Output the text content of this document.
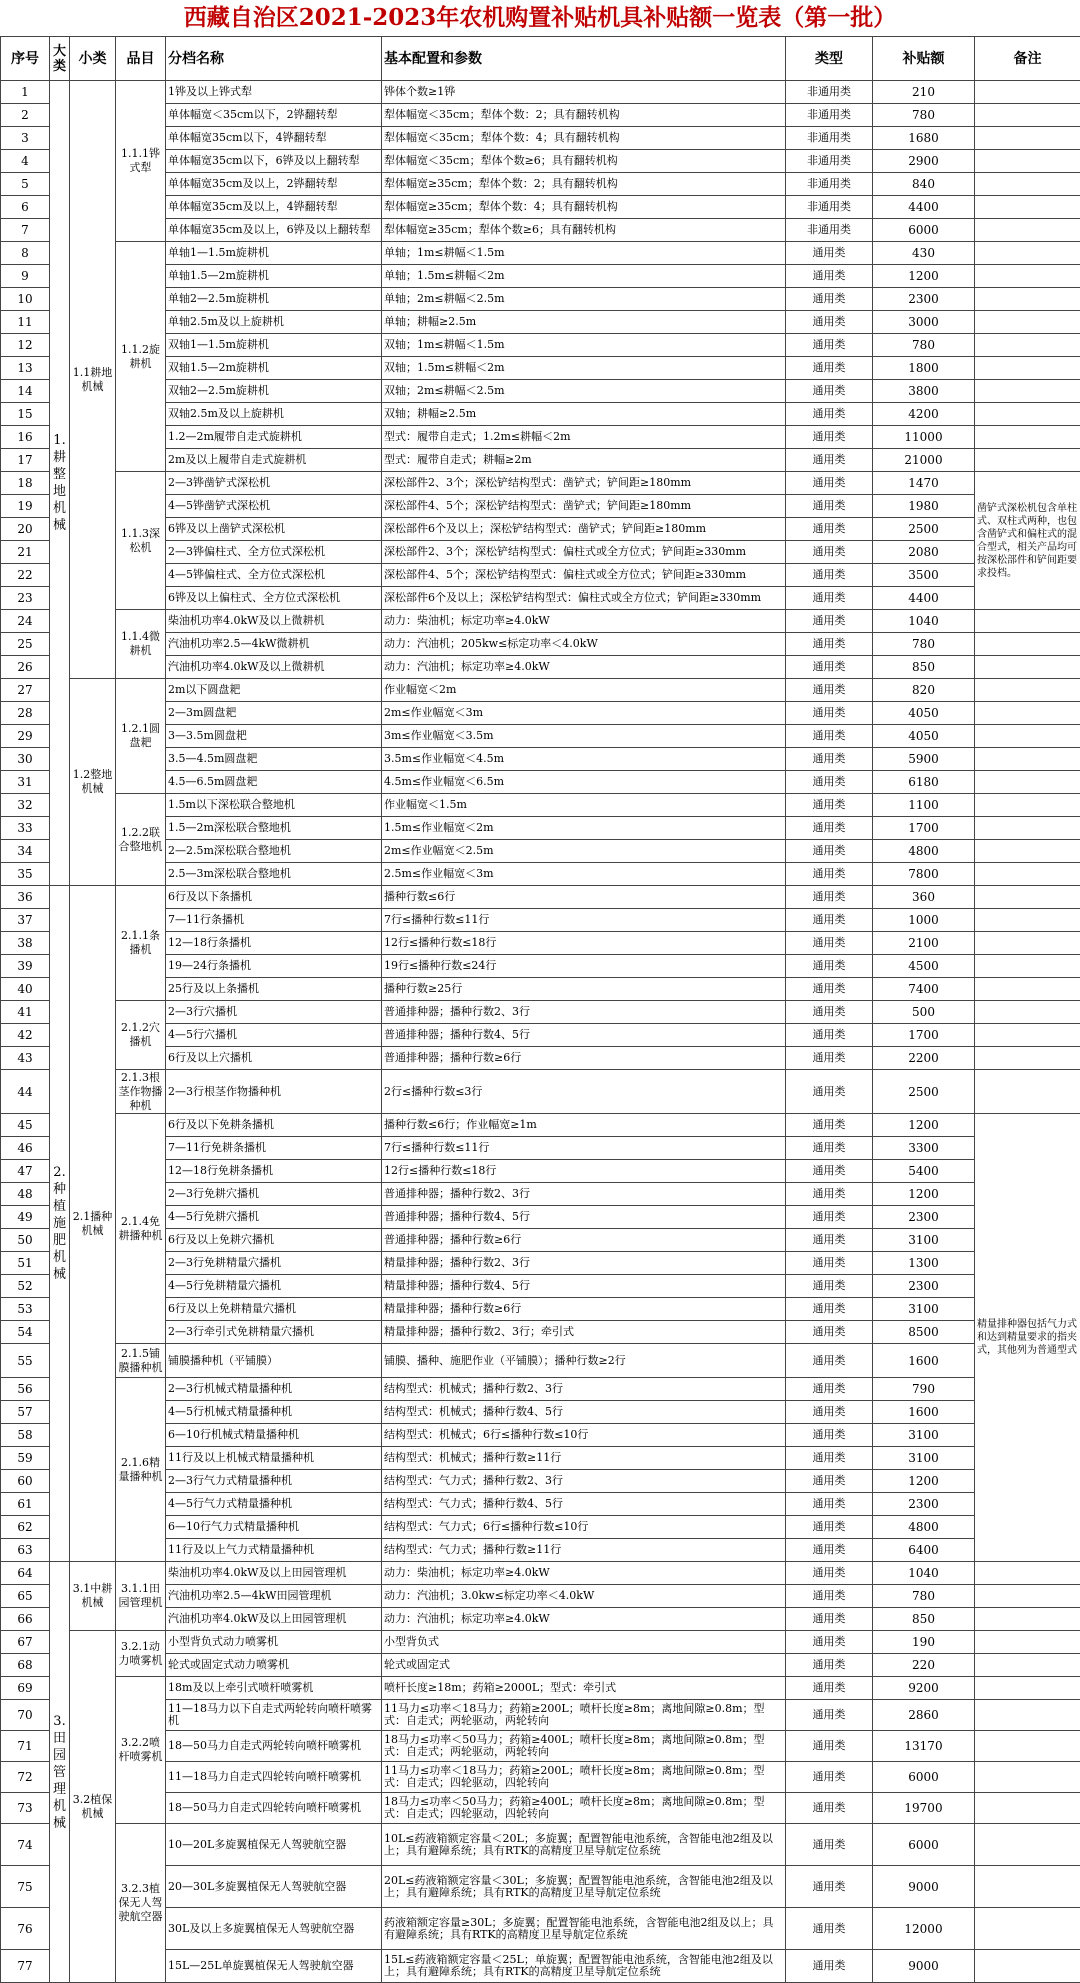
西藏自治区2021-2023年农机购置补贴机具补贴额一览表（第一批）
序号	大类	小类	品目	分档名称	基本配置和参数	类型	补贴额	备注
1	1.耕整地机械	1.1耕地机械	1.1.1铧式犁	1铧及以上铧式犁	铧体个数≥1铧	非通用类	210	
2				单体幅宽＜35cm以下，2铧翻转犁	犁体幅宽＜35cm；犁体个数：2；具有翻转机构	非通用类	780	
3				单体幅宽35cm以下，4铧翻转犁	犁体幅宽＜35cm；犁体个数：4；具有翻转机构	非通用类	1680	
4				单体幅宽35cm以下，6铧及以上翻转犁	犁体幅宽＜35cm；犁体个数≥6；具有翻转机构	非通用类	2900	
5				单体幅宽35cm及以上，2铧翻转犁	犁体幅宽≥35cm；犁体个数：2；具有翻转机构	非通用类	840	
6				单体幅宽35cm及以上，4铧翻转犁	犁体幅宽≥35cm；犁体个数：4；具有翻转机构	非通用类	4400	
7				单体幅宽35cm及以上，6铧及以上翻转犁	犁体幅宽≥35cm；犁体个数≥6；具有翻转机构	非通用类	6000	
8			1.1.2旋耕机	单轴1—1.5m旋耕机	单轴；1m≤耕幅＜1.5m	通用类	430	
9				单轴1.5—2m旋耕机	单轴；1.5m≤耕幅＜2m	通用类	1200	
10				单轴2—2.5m旋耕机	单轴；2m≤耕幅＜2.5m	通用类	2300	
11				单轴2.5m及以上旋耕机	单轴；耕幅≥2.5m	通用类	3000	
12				双轴1—1.5m旋耕机	双轴；1m≤耕幅＜1.5m	通用类	780	
13				双轴1.5—2m旋耕机	双轴；1.5m≤耕幅＜2m	通用类	1800	
14				双轴2—2.5m旋耕机	双轴；2m≤耕幅＜2.5m	通用类	3800	
15				双轴2.5m及以上旋耕机	双轴；耕幅≥2.5m	通用类	4200	
16				1.2—2m履带自走式旋耕机	型式：履带自走式；1.2m≤耕幅＜2m	通用类	11000	
17				2m及以上履带自走式旋耕机	型式：履带自走式；耕幅≥2m	通用类	21000	
18			1.1.3深松机	2—3铧凿铲式深松机	深松部件2、3个；深松铲结构型式：凿铲式；铲间距≥180mm	通用类	1470	凿铲式深松机包含单柱式、双柱式两种，也包含凿铲式和偏柱式的混合型式，相关产品均可按深松部件和铲间距要求投档。
19				4—5铧凿铲式深松机	深松部件4、5个；深松铲结构型式：凿铲式；铲间距≥180mm	通用类	1980	
20				6铧及以上凿铲式深松机	深松部件6个及以上；深松铲结构型式：凿铲式；铲间距≥180mm	通用类	2500	
21				2—3铧偏柱式、全方位式深松机	深松部件2、3个；深松铲结构型式：偏柱式或全方位式；铲间距≥330mm	通用类	2080	
22				4—5铧偏柱式、全方位式深松机	深松部件4、5个；深松铲结构型式：偏柱式或全方位式；铲间距≥330mm	通用类	3500	
23				6铧及以上偏柱式、全方位式深松机	深松部件6个及以上；深松铲结构型式：偏柱式或全方位式；铲间距≥330mm	通用类	4400	
24			1.1.4微耕机	柴油机功率4.0kW及以上微耕机	动力：柴油机；标定功率≥4.0kW	通用类	1040	
25				汽油机功率2.5—4kW微耕机	动力：汽油机；205kw≤标定功率＜4.0kW	通用类	780	
26				汽油机功率4.0kW及以上微耕机	动力：汽油机；标定功率≥4.0kW	通用类	850	
27		1.2整地机械	1.2.1圆盘耙	2m以下圆盘耙	作业幅宽＜2m	通用类	820	
28				2—3m圆盘耙	2m≤作业幅宽＜3m	通用类	4050	
29				3—3.5m圆盘耙	3m≤作业幅宽＜3.5m	通用类	4050	
30				3.5—4.5m圆盘耙	3.5m≤作业幅宽＜4.5m	通用类	5900	
31				4.5—6.5m圆盘耙	4.5m≤作业幅宽＜6.5m	通用类	6180	
32			1.2.2联合整地机	1.5m以下深松联合整地机	作业幅宽＜1.5m	通用类	1100	
33				1.5—2m深松联合整地机	1.5m≤作业幅宽＜2m	通用类	1700	
34				2—2.5m深松联合整地机	2m≤作业幅宽＜2.5m	通用类	4800	
35				2.5—3m深松联合整地机	2.5m≤作业幅宽＜3m	通用类	7800	
36	2.种植施肥机械	2.1播种机械	2.1.1条播机	6行及以下条播机	播种行数≤6行	通用类	360	
37				7—11行条播机	7行≤播种行数≤11行	通用类	1000	
38				12—18行条播机	12行≤播种行数≤18行	通用类	2100	
39				19—24行条播机	19行≤播种行数≤24行	通用类	4500	
40				25行及以上条播机	播种行数≥25行	通用类	7400	
41			2.1.2穴播机	2—3行穴播机	普通排种器；播种行数2、3行	通用类	500	
42				4—5行穴播机	普通排种器；播种行数4、5行	通用类	1700	
43				6行及以上穴播机	普通排种器；播种行数≥6行	通用类	2200	
44			2.1.3根茎作物播种机	2—3行根茎作物播种机	2行≤播种行数≤3行	通用类	2500	
45			2.1.4免耕播种机	6行及以下免耕条播机	播种行数≤6行；作业幅宽≥1m	通用类	1200	精量排种器包括气力式和达到精量要求的指夹式，其他列为普通型式
46				7—11行免耕条播机	7行≤播种行数≤11行	通用类	3300	
47				12—18行免耕条播机	12行≤播种行数≤18行	通用类	5400	
48				2—3行免耕穴播机	普通排种器；播种行数2、3行	通用类	1200	
49				4—5行免耕穴播机	普通排种器；播种行数4、5行	通用类	2300	
50				6行及以上免耕穴播机	普通排种器；播种行数≥6行	通用类	3100	
51				2—3行免耕精量穴播机	精量排种器；播种行数2、3行	通用类	1300	
52				4—5行免耕精量穴播机	精量排种器；播种行数4、5行	通用类	2300	
53				6行及以上免耕精量穴播机	精量排种器；播种行数≥6行	通用类	3100	
54				2—3行牵引式免耕精量穴播机	精量排种器；播种行数2、3行；牵引式	通用类	8500	
55			2.1.5铺膜播种机	铺膜播种机（平铺膜）	铺膜、播种、施肥作业（平铺膜）；播种行数≥2行	通用类	1600	
56			2.1.6精量播种机	2—3行机械式精量播种机	结构型式：机械式；播种行数2、3行	通用类	790	
57				4—5行机械式精量播种机	结构型式：机械式；播种行数4、5行	通用类	1600	
58				6—10行机械式精量播种机	结构型式：机械式；6行≤播种行数≤10行	通用类	3100	
59				11行及以上机械式精量播种机	结构型式：机械式；播种行数≥11行	通用类	3100	
60				2—3行气力式精量播种机	结构型式：气力式；播种行数2、3行	通用类	1200	
61				4—5行气力式精量播种机	结构型式：气力式；播种行数4、5行	通用类	2300	
62				6—10行气力式精量播种机	结构型式：气力式；6行≤播种行数≤10行	通用类	4800	
63				11行及以上气力式精量播种机	结构型式：气力式；播种行数≥11行	通用类	6400	
64	3.田园管理机械	3.1中耕机械	3.1.1田园管理机	柴油机功率4.0kW及以上田园管理机	动力：柴油机；标定功率≥4.0kW	通用类	1040	
65				汽油机功率2.5—4kW田园管理机	动力：汽油机；3.0kw≤标定功率＜4.0kW	通用类	780	
66				汽油机功率4.0kW及以上田园管理机	动力：汽油机；标定功率≥4.0kW	通用类	850	
67		3.2植保机械	3.2.1动力喷雾机	小型背负式动力喷雾机	小型背负式	通用类	190	
68				轮式或固定式动力喷雾机	轮式或固定式	通用类	220	
69			3.2.2喷杆喷雾机	18m及以上牵引式喷杆喷雾机	喷杆长度≥18m；药箱≥2000L；型式：牵引式	通用类	9200	
70				11—18马力以下自走式两轮转向喷杆喷雾机	11马力≤功率＜18马力；药箱≥200L；喷杆长度≥8m；离地间隙≥0.8m；型式：自走式；两轮驱动，两轮转向	通用类	2860	
71				18—50马力自走式两轮转向喷杆喷雾机	18马力≤功率＜50马力；药箱≥400L；喷杆长度≥8m；离地间隙≥0.8m；型式：自走式；两轮驱动，两轮转向	通用类	13170	
72				11—18马力自走式四轮转向喷杆喷雾机	11马力≤功率＜18马力；药箱≥200L；喷杆长度≥8m；离地间隙≥0.8m；型式：自走式；四轮驱动，四轮转向	通用类	6000	
73				18—50马力自走式四轮转向喷杆喷雾机	18马力≤功率＜50马力；药箱≥400L；喷杆长度≥8m；离地间隙≥0.8m；型式：自走式；四轮驱动，四轮转向	通用类	19700	
74			3.2.3植保无人驾驶航空器	10—20L多旋翼植保无人驾驶航空器	10L≤药液箱额定容量＜20L；多旋翼；配置智能电池系统，含智能电池2组及以上；具有避障系统；具有RTK的高精度卫星导航定位系统	通用类	6000	
75				20—30L多旋翼植保无人驾驶航空器	20L≤药液箱额定容量＜30L；多旋翼；配置智能电池系统，含智能电池2组及以上；具有避障系统；具有RTK的高精度卫星导航定位系统	通用类	9000	
76				30L及以上多旋翼植保无人驾驶航空器	药液箱额定容量≥30L；多旋翼；配置智能电池系统，含智能电池2组及以上；具有避障系统；具有RTK的高精度卫星导航定位系统	通用类	12000	
77				15L—25L单旋翼植保无人驾驶航空器	15L≤药液箱额定容量＜25L；单旋翼；配置智能电池系统，含智能电池2组及以上；具有避障系统；具有RTK的高精度卫星导航定位系统	通用类	9000	
